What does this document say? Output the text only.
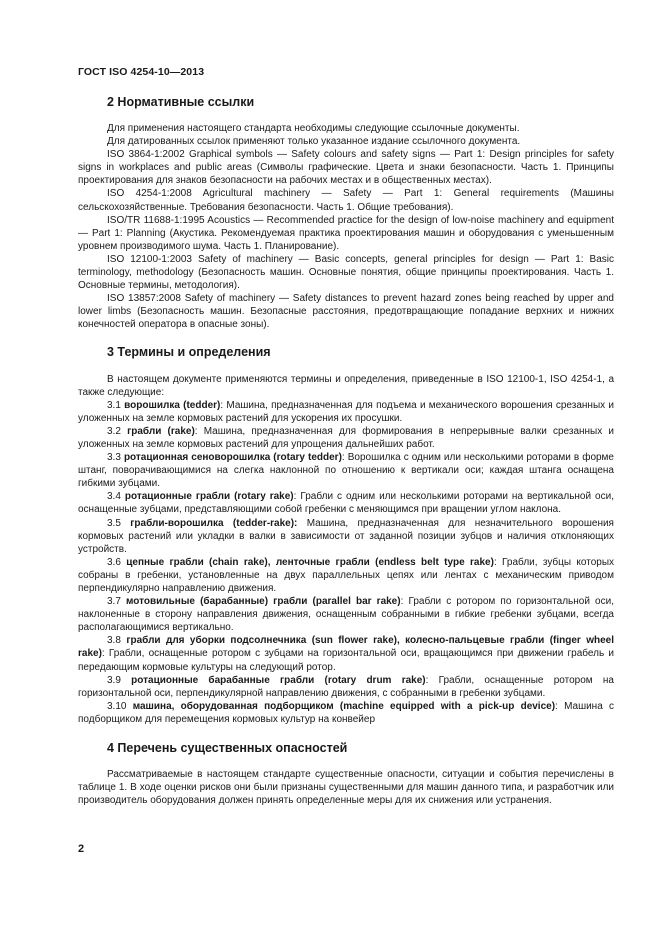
ГОСТ ISO 4254-10—2013
2 Нормативные ссылки

Для применения настоящего стандарта необходимы следующие ссылочные документы.

Для датированных ссылок применяют только указанное издание ссылочного документа.

ISO 3864-1:2002 Graphical symbols — Safety colours and safety signs — Part 1: Design principles for safety signs in workplaces and public areas (Символы графические. Цвета и знаки безопасности. Часть 1. Принципы проектирования для знаков безопасности на рабочих местах и в общественных местах).

ISO 4254-1:2008 Agricultural machinery — Safety — Part 1: General requirements (Машины сельскохозяйственные. Требования безопасности. Часть 1. Общие требования).

ISO/TR 11688-1:1995 Acoustics — Recommended practice for the design of low-noise machinery and equipment — Part 1: Planning (Акустика. Рекомендуемая практика проектирования машин и оборудования с уменьшенным уровнем производимого шума. Часть 1. Планирование).

ISO 12100-1:2003 Safety of machinery — Basic concepts, general principles for design — Part 1: Basic terminology, methodology (Безопасность машин. Основные понятия, общие принципы проектирования. Часть 1. Основные термины, методология).

ISO 13857:2008 Safety of machinery — Safety distances to prevent hazard zones being reached by upper and lower limbs (Безопасность машин. Безопасные расстояния, предотвращающие попадание верхних и нижних конечностей оператора в опасные зоны).

3 Термины и определения

В настоящем документе применяются термины и определения, приведенные в ISO 12100-1, ISO 4254-1, а также следующие:

3.1 ворошилка (tedder): Машина, предназначенная для подъема и механического ворошения срезанных и уложенных на земле кормовых растений для ускорения их просушки.

3.2 грабли (rake): Машина, предназначенная для формирования в непрерывные валки срезанных и уложенных на земле кормовых растений для упрощения дальнейших работ.

3.3 ротационная сеноворошилка (rotary tedder): Ворошилка с одним или несколькими роторами в форме штанг, поворачивающимися на слегка наклонной по отношению к вертикали оси; каждая штанга оснащена гибкими зубцами.

3.4 ротационные грабли (rotary rake): Грабли с одним или несколькими роторами на вертикальной оси, оснащенные зубцами, представляющими собой гребенки с меняющимся при вращении углом наклона.

3.5 грабли-ворошилка (tedder-rake): Машина, предназначенная для незначительного ворошения кормовых растений или укладки в валки в зависимости от заданной позиции зубцов и наличия отклоняющих устройств.

3.6 цепные грабли (chain rake), ленточные грабли (endless belt type rake): Грабли, зубцы которых собраны в гребенки, установленные на двух параллельных цепях или лентах с механическим приводом перпендикулярно направлению движения.

3.7 мотовильные (барабанные) грабли (parallel bar rake): Грабли с ротором по горизонтальной оси, наклоненные в сторону направления движения, оснащенным собранными в гибкие гребенки зубцами, всегда располагающимися вертикально.

3.8 грабли для уборки подсолнечника (sun flower rake), колесно-пальцевые грабли (finger wheel rake): Грабли, оснащенные ротором с зубцами на горизонтальной оси, вращающимся при движении грабель и передающим кормовые культуры на следующий ротор.

3.9 ротационные барабанные грабли (rotary drum rake): Грабли, оснащенные ротором на горизонтальной оси, перпендикулярной направлению движения, с собранными в гребенки зубцами.

3.10 машина, оборудованная подборщиком (machine equipped with a pick-up device): Машина с подборщиком для перемещения кормовых культур на конвейер

4 Перечень существенных опасностей

Рассматриваемые в настоящем стандарте существенные опасности, ситуации и события перечислены в таблице 1. В ходе оценки рисков они были признаны существенными для машин данного типа, и разработчик или производитель оборудования должен принять определенные меры для их снижения или устранения.

2
